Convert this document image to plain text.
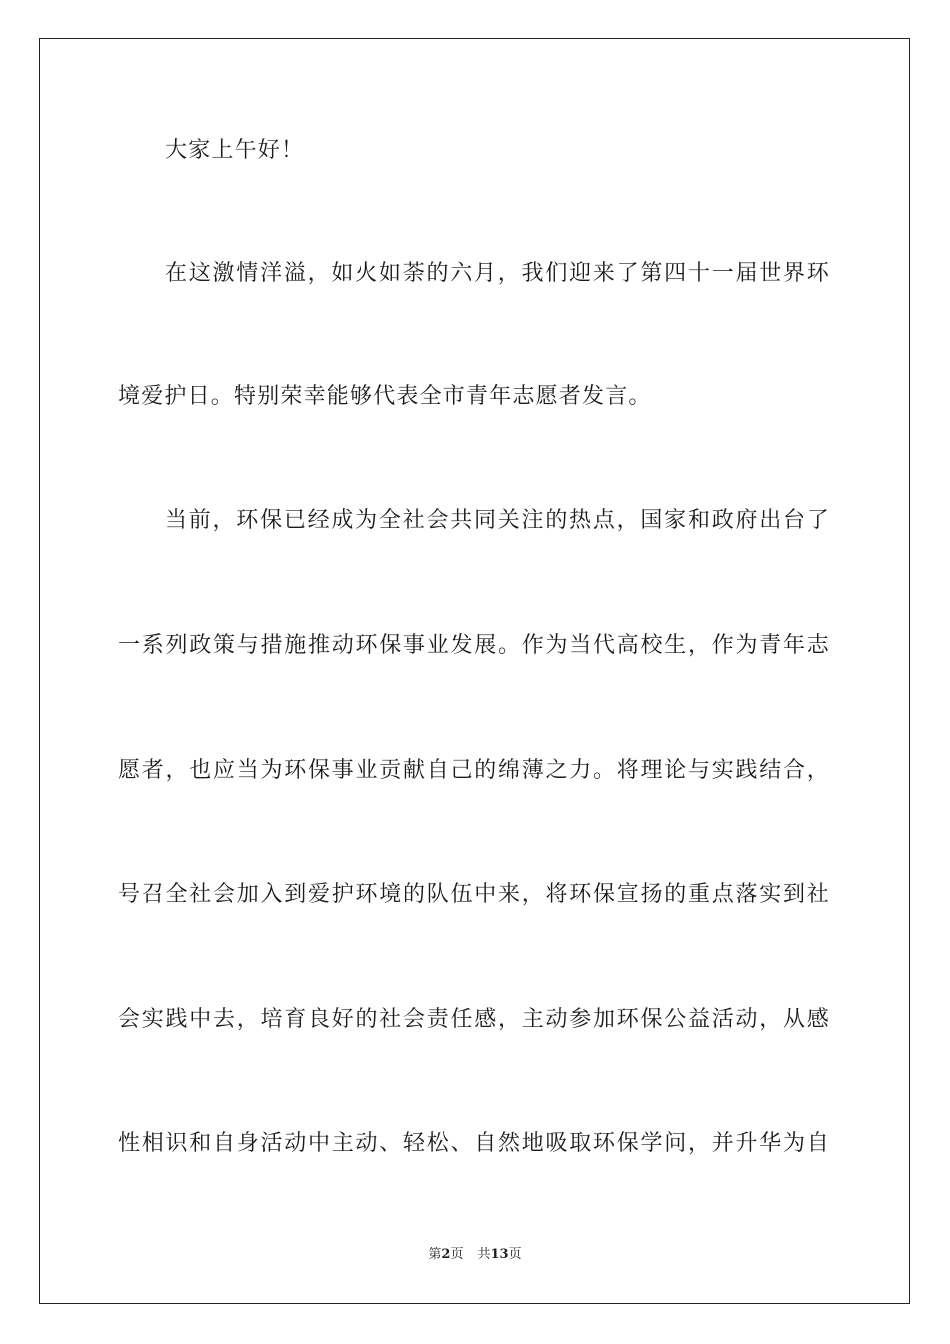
大家上午好！
在这激情洋溢，如火如荼的六月，我们迎来了第四十一届世界环
境爱护日。特别荣幸能够代表全市青年志愿者发言。
当前，环保已经成为全社会共同关注的热点，国家和政府出台了
一系列政策与措施推动环保事业发展。作为当代高校生，作为青年志
愿者，也应当为环保事业贡献自己的绵薄之力。将理论与实践结合，
号召全社会加入到爱护环境的队伍中来，将环保宣扬的重点落实到社
会实践中去，培育良好的社会责任感，主动参加环保公益活动，从感
性相识和自身活动中主动、轻松、自然地吸取环保学问，并升华为自
第2页 共13页
